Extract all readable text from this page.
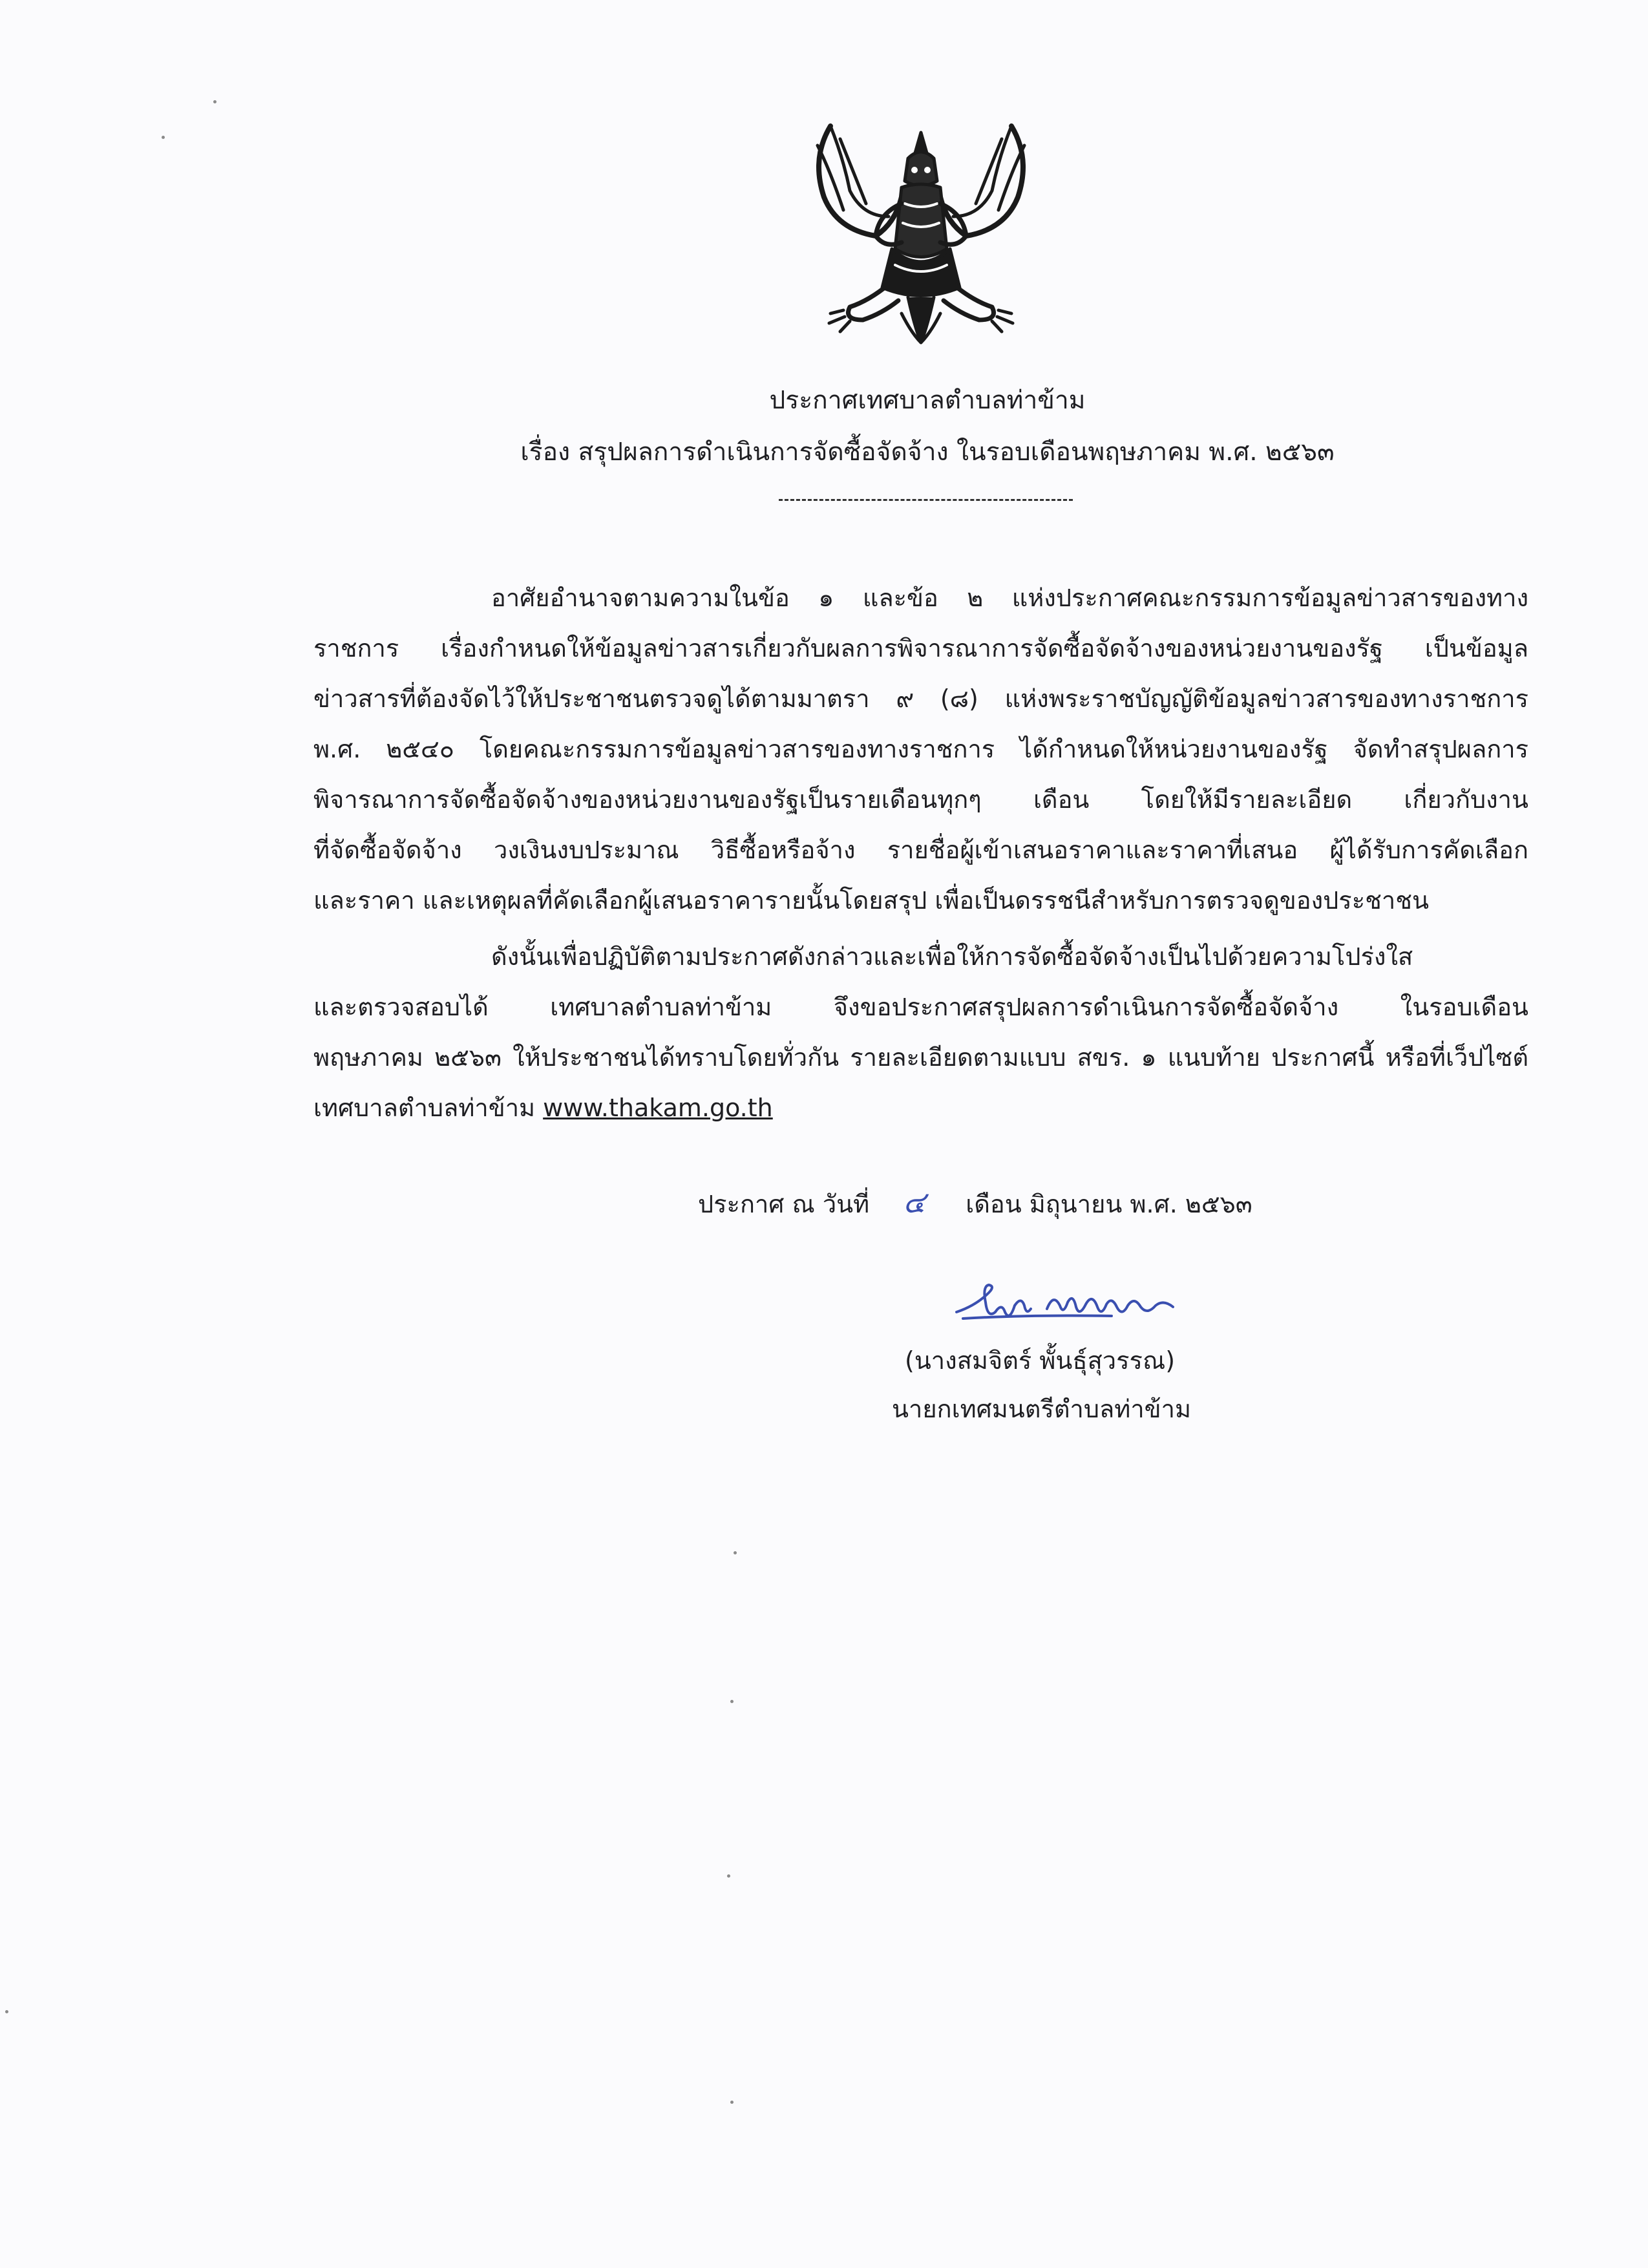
ประกาศเทศบาลตำบลท่าข้าม
เรื่อง สรุปผลการดำเนินการจัดซื้อจัดจ้าง ในรอบเดือนพฤษภาคม พ.ศ. ๒๕๖๓
อาศัยอำนาจตามความในข้อ ๑ และข้อ ๒ แห่งประกาศคณะกรรมการข้อมูลข่าวสารของทาง
ราชการ เรื่องกำหนดให้ข้อมูลข่าวสารเกี่ยวกับผลการพิจารณาการจัดซื้อจัดจ้างของหน่วยงานของรัฐ เป็นข้อมูล
ข่าวสารที่ต้องจัดไว้ให้ประชาชนตรวจดูได้ตามมาตรา ๙ (๘) แห่งพระราชบัญญัติข้อมูลข่าวสารของทางราชการ
พ.ศ. ๒๕๔๐ โดยคณะกรรมการข้อมูลข่าวสารของทางราชการ ได้กำหนดให้หน่วยงานของรัฐ จัดทำสรุปผลการ
พิจารณาการจัดซื้อจัดจ้างของหน่วยงานของรัฐเป็นรายเดือนทุกๆ เดือน โดยให้มีรายละเอียด เกี่ยวกับงาน
ที่จัดซื้อจัดจ้าง วงเงินงบประมาณ วิธีซื้อหรือจ้าง รายชื่อผู้เข้าเสนอราคาและราคาที่เสนอ ผู้ได้รับการคัดเลือก
และราคา และเหตุผลที่คัดเลือกผู้เสนอราคารายนั้นโดยสรุป เพื่อเป็นดรรชนีสำหรับการตรวจดูของประชาชน
ดังนั้นเพื่อปฏิบัติตามประกาศดังกล่าวและเพื่อให้การจัดซื้อจัดจ้างเป็นไปด้วยความโปร่งใส
และตรวจสอบได้ เทศบาลตำบลท่าข้าม จึงขอประกาศสรุปผลการดำเนินการจัดซื้อจัดจ้าง ในรอบเดือน
พฤษภาคม ๒๕๖๓ ให้ประชาชนได้ทราบโดยทั่วกัน รายละเอียดตามแบบ สขร. ๑ แนบท้าย ประกาศนี้ หรือที่เว็ปไซต์
เทศบาลตำบลท่าข้าม www.thakam.go.th
ประกาศ ณ วันที่ ๔ เดือน มิถุนายน พ.ศ. ๒๕๖๓
(นางสมจิตร์ พั้นธุ์สุวรรณ)
นายกเทศมนตรีตำบลท่าข้าม
